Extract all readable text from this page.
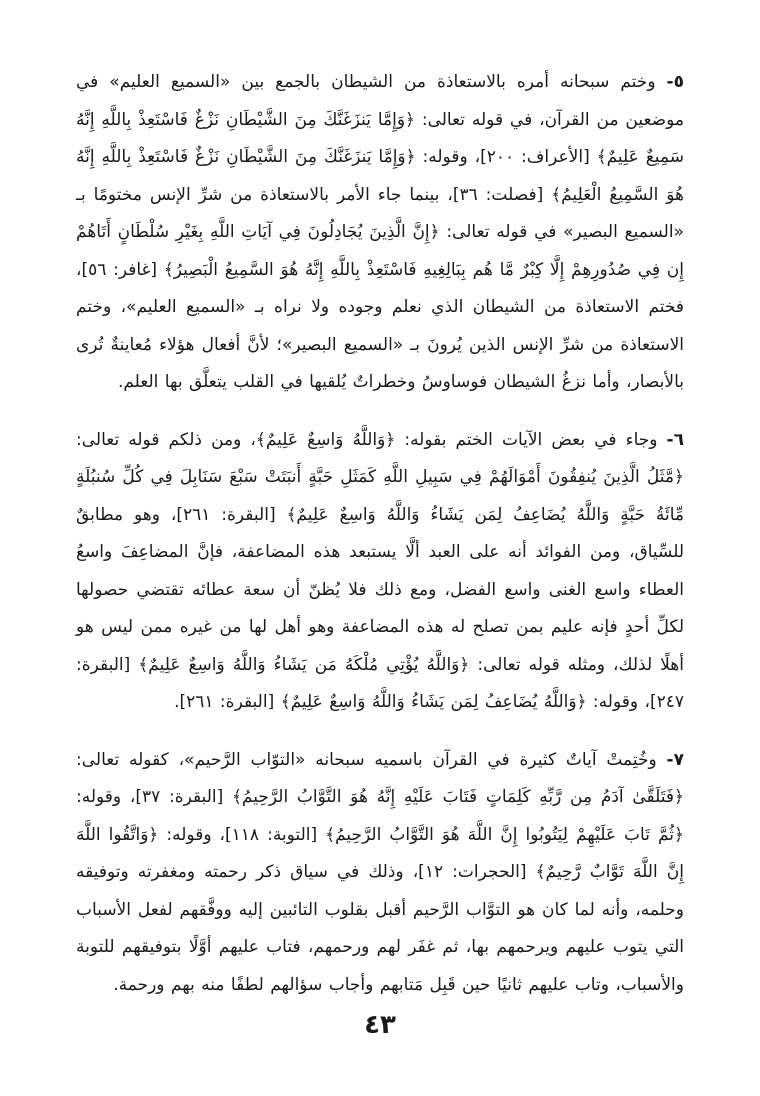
٥- وختم سبحانه أمره بالاستعاذة من الشيطان بالجمع بين «السميع العليم» في موضعين من القرآن، في قوله تعالى: ﴿وَإِمَّا يَنزَغَنَّكَ مِنَ الشَّيْطَانِ نَزْغٌ فَاسْتَعِذْ بِاللَّهِ إِنَّهُ سَمِيعٌ عَلِيمٌ﴾ [الأعراف: ٢٠٠]، وقوله: ﴿وَإِمَّا يَنزَغَنَّكَ مِنَ الشَّيْطَانِ نَزْغٌ فَاسْتَعِذْ بِاللَّهِ إِنَّهُ هُوَ السَّمِيعُ الْعَلِيمُ﴾ [فصلت: ٣٦]، بينما جاء الأمر بالاستعاذة من شرِّ الإنس مختومًا بـ «السميع البصير» في قوله تعالى: ﴿إِنَّ الَّذِينَ يُجَادِلُونَ فِي آيَاتِ اللَّهِ بِغَيْرِ سُلْطَانٍ أَتَاهُمْ إِن فِي صُدُورِهِمْ إِلَّا كِبْرٌ مَّا هُم بِبَالِغِيهِ فَاسْتَعِذْ بِاللَّهِ إِنَّهُ هُوَ السَّمِيعُ الْبَصِيرُ﴾ [غافر: ٥٦]، فختم الاستعاذة من الشيطان الذي نعلم وجوده ولا نراه بـ «السميع العليم»، وختم الاستعاذة من شرِّ الإنس الذين يُرونَ بـ «السميع البصير»؛ لأنَّ أفعال هؤلاء مُعاينةٌ تُرى بالأبصار، وأما نزغُ الشيطان فوساوسُ وخطراتٌ يُلقيها في القلب يتعلَّق بها العلم.

٦- وجاء في بعض الآيات الختم بقوله: ﴿وَاللَّهُ وَاسِعٌ عَلِيمٌ﴾، ومن ذلكم قوله تعالى: ﴿مَّثَلُ الَّذِينَ يُنفِقُونَ أَمْوَالَهُمْ فِي سَبِيلِ اللَّهِ كَمَثَلِ حَبَّةٍ أَنبَتَتْ سَبْعَ سَنَابِلَ فِي كُلِّ سُنبُلَةٍ مِّائَةُ حَبَّةٍ وَاللَّهُ يُضَاعِفُ لِمَن يَشَاءُ وَاللَّهُ وَاسِعٌ عَلِيمٌ﴾ [البقرة: ٢٦١]، وهو مطابقٌ للسِّياق، ومن الفوائد أنه على العبد ألَّا يستبعد هذه المضاعفة، فإنَّ المضاعِفَ واسعُ العطاء واسع الغنى واسع الفضل، ومع ذلك فلا يُظنّ أن سعة عطائه تقتضي حصولها لكلِّ أحدٍ فإنه عليم بمن تصلح له هذه المضاعفة وهو أهل لها من غيره ممن ليس هو أهلًا لذلك، ومثله قوله تعالى: ﴿وَاللَّهُ يُؤْتِي مُلْكَهُ مَن يَشَاءُ وَاللَّهُ وَاسِعٌ عَلِيمٌ﴾ [البقرة: ٢٤٧]، وقوله: ﴿وَاللَّهُ يُضَاعِفُ لِمَن يَشَاءُ وَاللَّهُ وَاسِعٌ عَلِيمٌ﴾ [البقرة: ٢٦١].

٧- وخُتِمتْ آياتٌ كثيرة في القرآن باسميه سبحانه «التوّاب الرَّحيم»، كقوله تعالى: ﴿فَتَلَقَّىٰ آدَمُ مِن رَّبِّهِ كَلِمَاتٍ فَتَابَ عَلَيْهِ إِنَّهُ هُوَ التَّوَّابُ الرَّحِيمُ﴾ [البقرة: ٣٧]، وقوله: ﴿ثُمَّ تَابَ عَلَيْهِمْ لِيَتُوبُوا إِنَّ اللَّهَ هُوَ التَّوَّابُ الرَّحِيمُ﴾ [التوبة: ١١٨]، وقوله: ﴿وَاتَّقُوا اللَّهَ إِنَّ اللَّهَ تَوَّابٌ رَّحِيمٌ﴾ [الحجرات: ١٢]، وذلك في سياق ذكر رحمته ومغفرته وتوفيقه وحلمه، وأنه لما كان هو التوَّاب الرَّحيم أقبل بقلوب التائبين إليه ووفَّقهم لفعل الأسباب التي يتوب عليهم ويرحمهم بها، ثم غفَر لهم ورحمهم، فتاب عليهم أوَّلًا بتوفيقهم للتوبة والأسباب، وتاب عليهم ثانيًا حين قَبِل مَتابهم وأجاب سؤالهم لطفًا منه بهم ورحمة.

٤٣
